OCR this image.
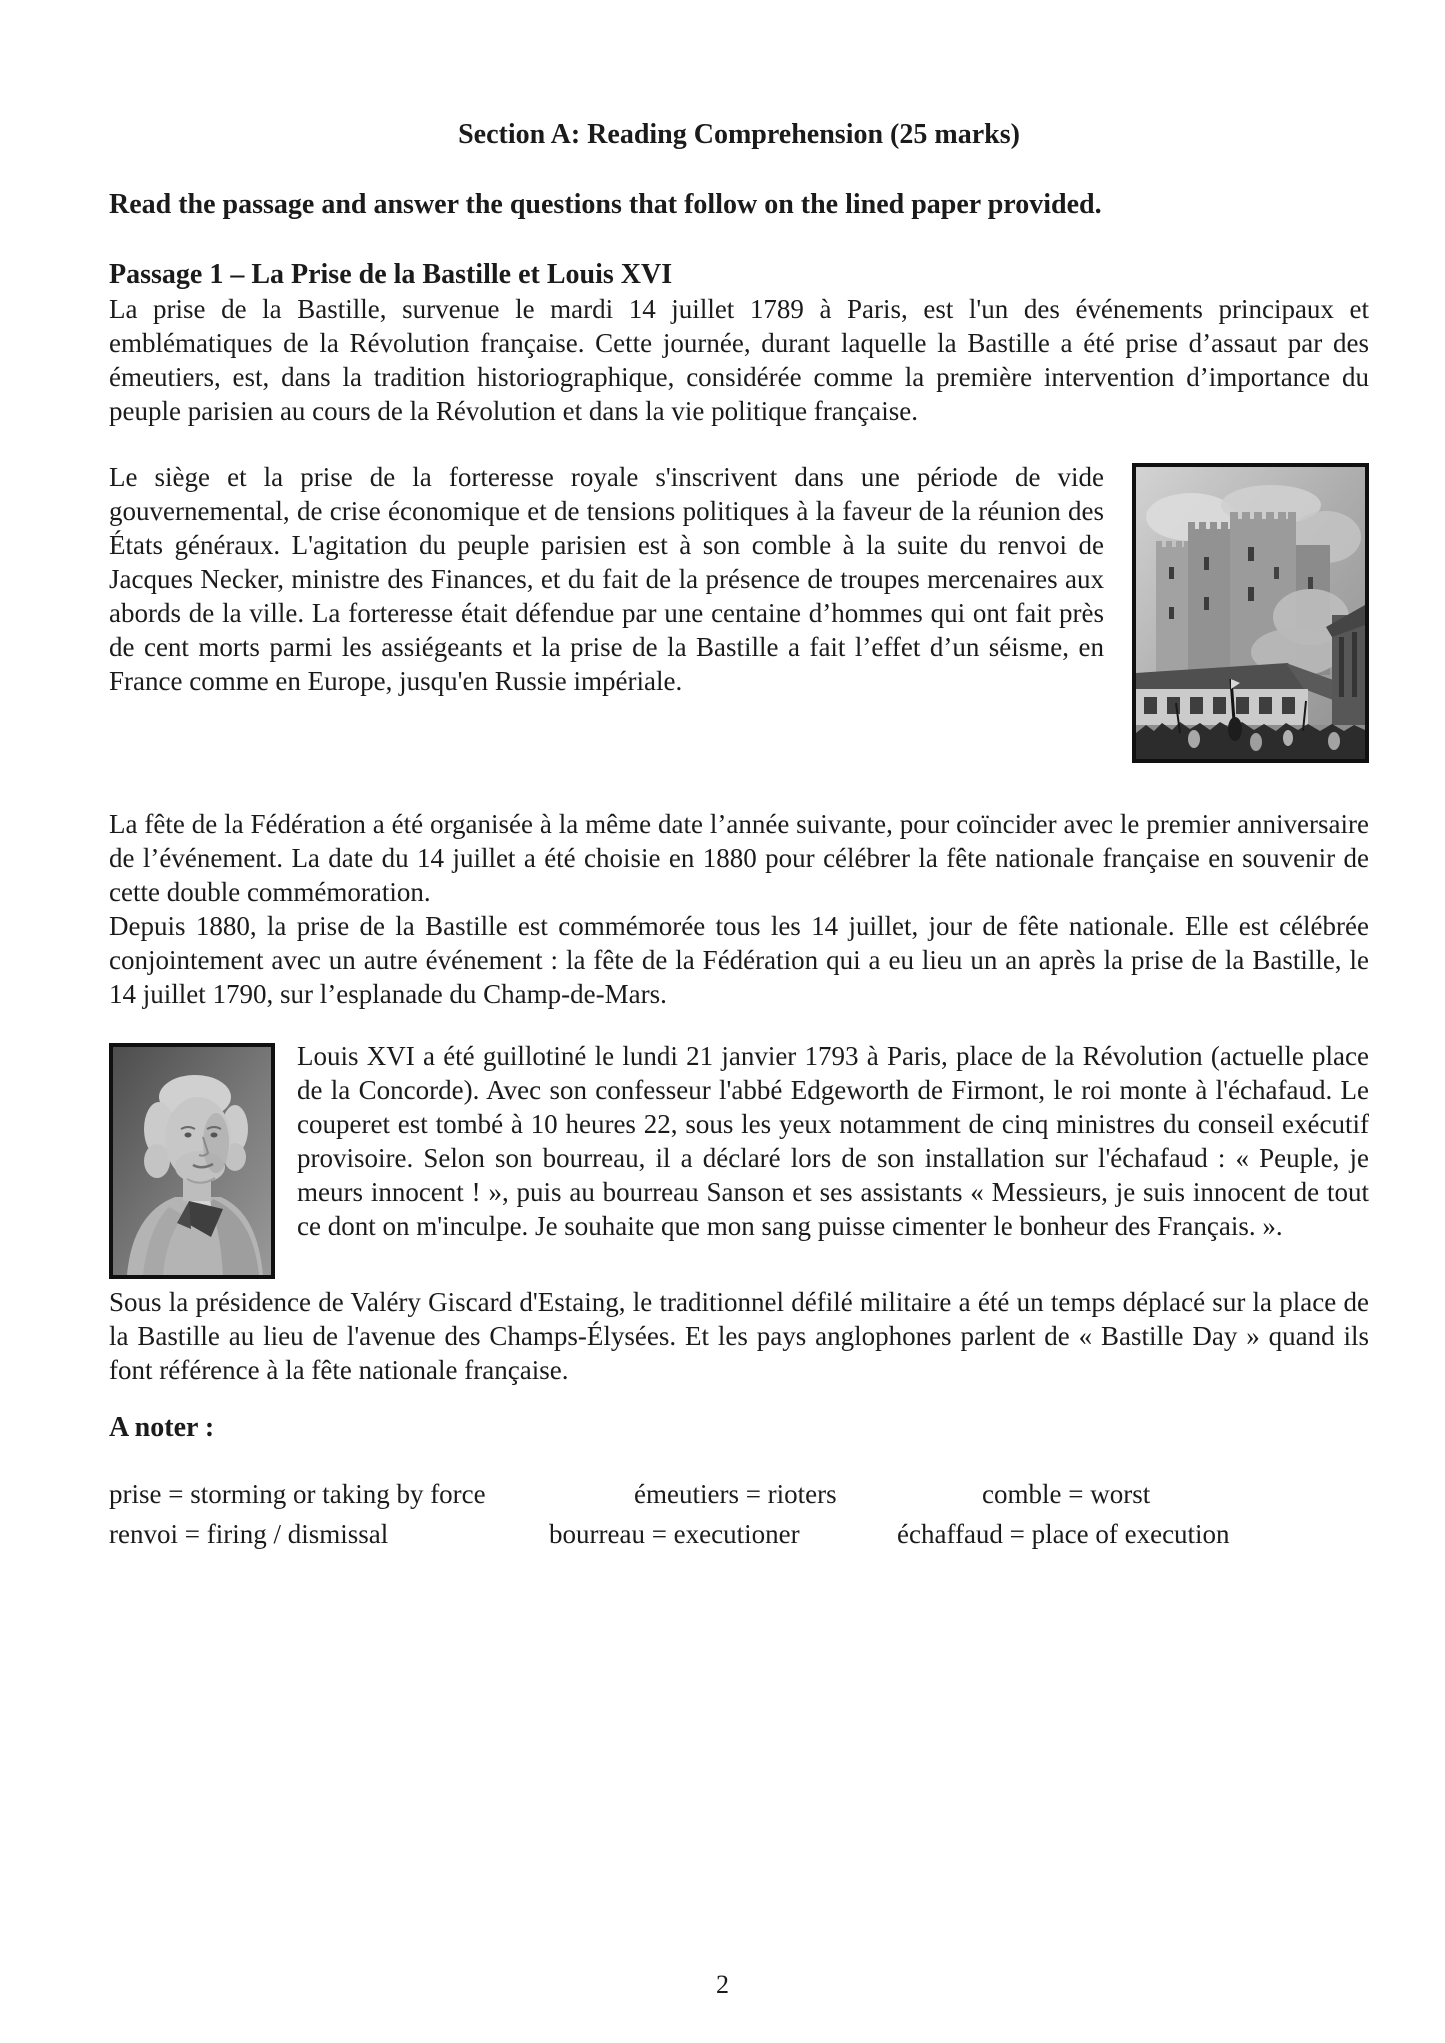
Section A: Reading Comprehension (25 marks)

Read the passage and answer the questions that follow on the lined paper provided.

Passage 1 – La Prise de la Bastille et Louis XVI

La prise de la Bastille, survenue le mardi 14 juillet 1789 à Paris, est l'un des événements principaux et emblématiques de la Révolution française. Cette journée, durant laquelle la Bastille a été prise d’assaut par des émeutiers, est, dans la tradition historiographique, considérée comme la première intervention d’importance du peuple parisien au cours de la Révolution et dans la vie politique française.

Le siège et la prise de la forteresse royale s'inscrivent dans une période de vide gouvernemental, de crise économique et de tensions politiques à la faveur de la réunion des États généraux. L'agitation du peuple parisien est à son comble à la suite du renvoi de Jacques Necker, ministre des Finances, et du fait de la présence de troupes mercenaires aux abords de la ville. La forteresse était défendue par une centaine d’hommes qui ont fait près de cent morts parmi les assiégeants et la prise de la Bastille a fait l’effet d’un séisme, en France comme en Europe, jusqu'en Russie impériale.

La fête de la Fédération a été organisée à la même date l’année suivante, pour coïncider avec le premier anniversaire de l’événement. La date du 14 juillet a été choisie en 1880 pour célébrer la fête nationale française en souvenir de cette double commémoration.

Depuis 1880, la prise de la Bastille est commémorée tous les 14 juillet, jour de fête nationale. Elle est célébrée conjointement avec un autre événement : la fête de la Fédération qui a eu lieu un an après la prise de la Bastille, le 14 juillet 1790, sur l’esplanade du Champ-de-Mars.

Louis XVI a été guillotiné le lundi 21 janvier 1793 à Paris, place de la Révolution (actuelle place de la Concorde). Avec son confesseur l'abbé Edgeworth de Firmont, le roi monte à l'échafaud. Le couperet est tombé à 10 heures 22, sous les yeux notamment de cinq ministres du conseil exécutif provisoire. Selon son bourreau, il a déclaré lors de son installation sur l'échafaud : « Peuple, je meurs innocent ! », puis au bourreau Sanson et ses assistants « Messieurs, je suis innocent de tout ce dont on m'inculpe. Je souhaite que mon sang puisse cimenter le bonheur des Français. ».

Sous la présidence de Valéry Giscard d'Estaing, le traditionnel défilé militaire a été un temps déplacé sur la place de la Bastille au lieu de l'avenue des Champs-Élysées. Et les pays anglophones parlent de « Bastille Day » quand ils font référence à la fête nationale française.

A noter :
prise = storming or taking by force	émeutiers = rioters	comble = worst
renvoi = firing / dismissal	bourreau = executioner	échaffaud = place of execution
2
